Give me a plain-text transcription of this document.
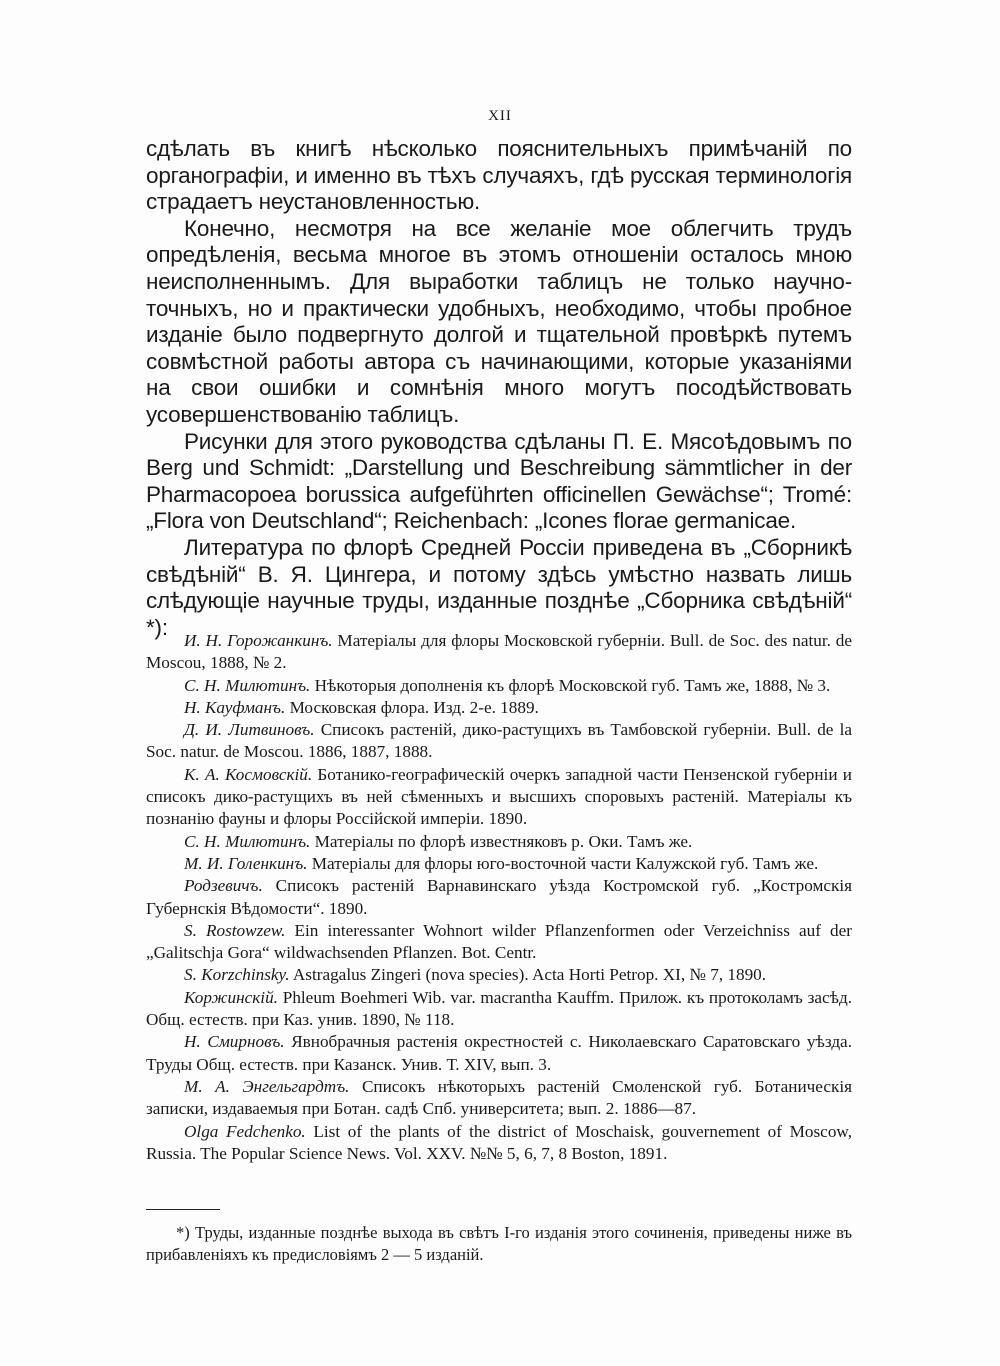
XII

сдѣлать въ книгѣ нѣсколько пояснительныхъ примѣчаній по органографіи, и именно въ тѣхъ случаяхъ, гдѣ русская терминологія страдаетъ неустановленностью.

Конечно, несмотря на все желаніе мое облегчить трудъ опредѣленія, весьма многое въ этомъ отношеніи осталось мною неисполненнымъ. Для выработки таблицъ не только научно-точныхъ, но и практически удобныхъ, необходимо, чтобы пробное изданіе было подвергнуто долгой и тщательной провѣркѣ путемъ совмѣстной работы автора съ начинающими, которые указаніями на свои ошибки и сомнѣнія много могутъ посодѣйствовать усовершенствованію таблицъ.

Рисунки для этого руководства сдѣланы П. Е. Мясоѣдовымъ по Berg und Schmidt: „Darstellung und Beschreibung sämmtlicher in der Pharmacopoea borussica aufgeführten officinellen Gewächse“; Tromé: „Flora von Deutschland“; Reichenbach: „Icones florae germanicae.

Литература по флорѣ Средней Россіи приведена въ „Сборникѣ свѣдѣній“ В. Я. Цингера, и потому здѣсь умѣстно назвать лишь слѣдующіе научные труды, изданные позднѣе „Сборника свѣдѣній“ *):

И. Н. Горожанкинъ. Матеріалы для флоры Московской губерніи. Bull. de Soc. des natur. de Moscou, 1888, № 2.

С. Н. Милютинъ. Нѣкоторыя дополненія къ флорѣ Московской губ. Тамъ же, 1888, № 3.

Н. Кауфманъ. Московская флора. Изд. 2-е. 1889.

Д. И. Литвиновъ. Списокъ растеній, дико-растущихъ въ Тамбовской губерніи. Bull. de la Soc. natur. de Moscou. 1886, 1887, 1888.

К. А. Космовскій. Ботанико-географическій очеркъ западной части Пензенской губерніи и списокъ дико-растущихъ въ ней сѣменныхъ и высшихъ споровыхъ растеній. Матеріалы къ познанію фауны и флоры Россійской имперіи. 1890.

С. Н. Милютинъ. Матеріалы по флорѣ известняковъ р. Оки. Тамъ же.

М. И. Голенкинъ. Матеріалы для флоры юго-восточной части Калужской губ. Тамъ же.

Родзевичъ. Списокъ растеній Варнавинскаго уѣзда Костромской губ. „Костромскія Губернскія Вѣдомости“. 1890.

S. Rostowzew. Ein interessanter Wohnort wilder Pflanzenformen oder Verzeichniss auf der „Galitschja Gora“ wildwachsenden Pflanzen. Bot. Centr.

S. Korzchinsky. Astragalus Zingeri (nova species). Acta Horti Petrop. XI, № 7, 1890.

Коржинскій. Phleum Boehmeri Wib. var. macrantha Kauffm. Прилож. къ протоколамъ засѣд. Общ. естеств. при Каз. унив. 1890, № 118.

Н. Смирновъ. Явнобрачныя растенія окрестностей с. Николаевскаго Саратовскаго уѣзда. Труды Общ. естеств. при Казанск. Унив. Т. XIV, вып. 3.

М. А. Энгельгардтъ. Списокъ нѣкоторыхъ растеній Смоленской губ. Ботаническія записки, издаваемыя при Ботан. садѣ Спб. университета; вып. 2. 1886—87.

Olga Fedchenko. List of the plants of the district of Moschaisk, gouvernement of Moscow, Russia. The Popular Science News. Vol. XXV. №№ 5, 6, 7, 8 Boston, 1891.

*) Труды, изданные позднѣе выхода въ свѣтъ I-го изданія этого сочиненія, приведены ниже въ прибавленіяхъ къ предисловіямъ 2 — 5 изданій.
